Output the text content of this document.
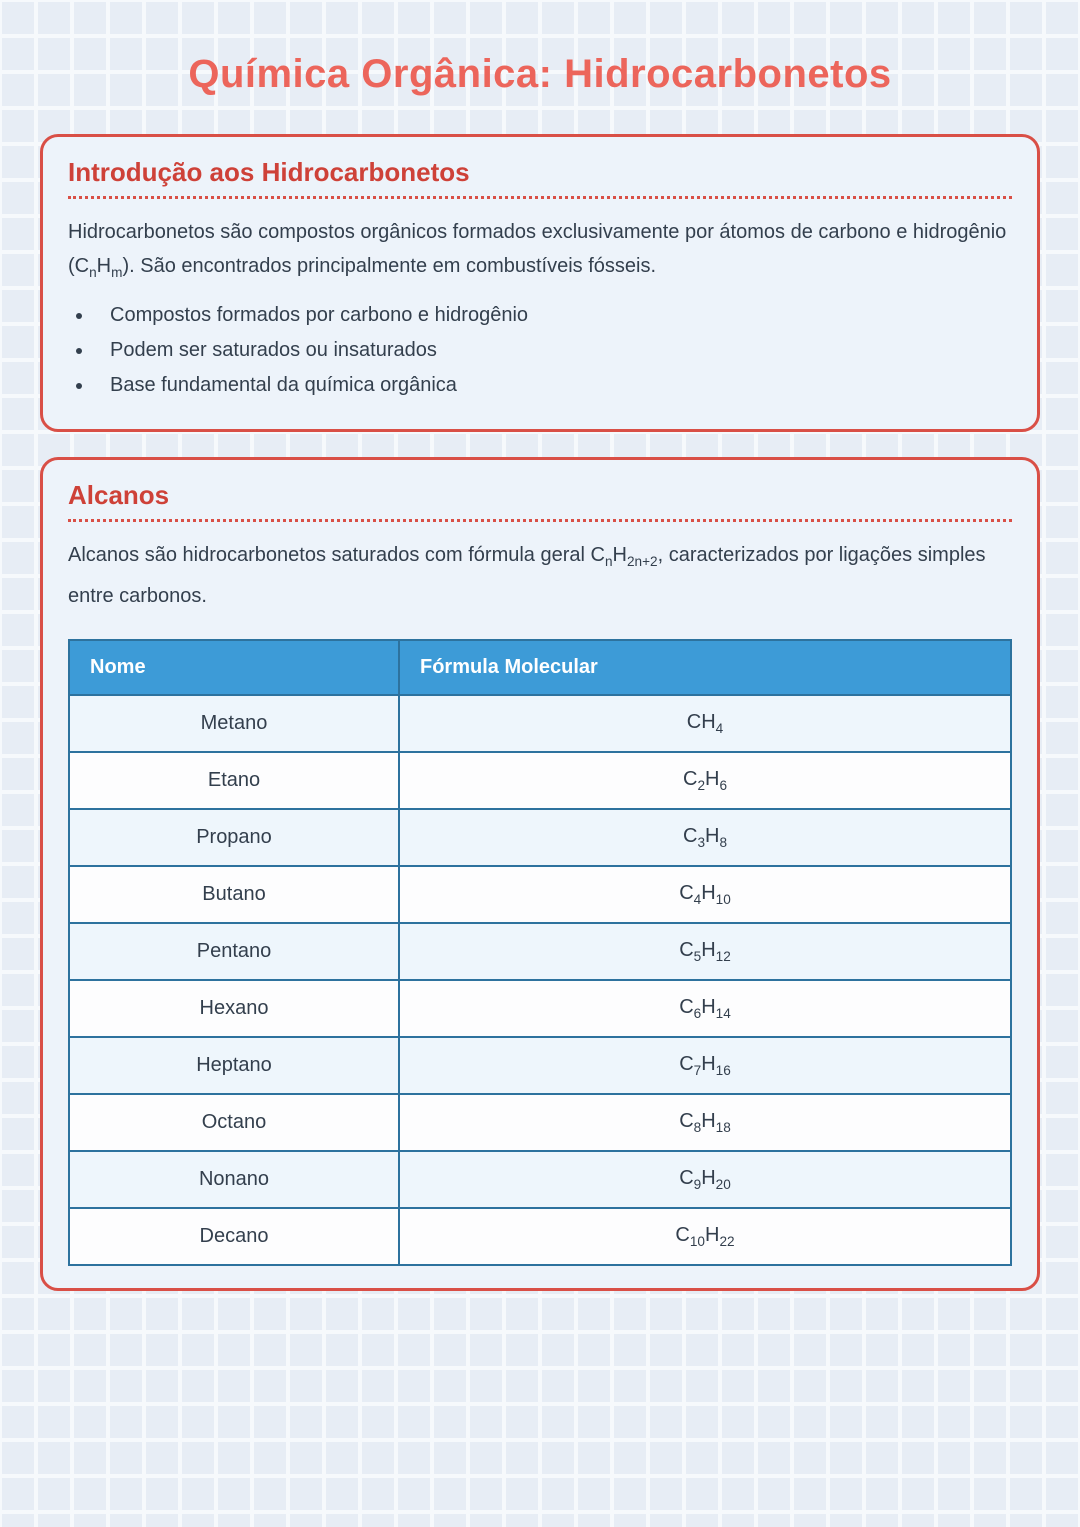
Química Orgânica: Hidrocarbonetos
Introdução aos Hidrocarbonetos

Hidrocarbonetos são compostos orgânicos formados exclusivamente por átomos de carbono e hidrogênio $(C_nH_m)$. São encontrados principalmente em combustíveis fósseis.

• Compostos formados por carbono e hidrogênio
• Podem ser saturados ou insaturados
• Base fundamental da química orgânica
Alcanos

Alcanos são hidrocarbonetos saturados com fórmula geral $C_nH_{2n+2}$, caracterizados por ligações simples entre carbonos.

Nome	Fórmula Molecular
Metano	$CH_4$
Etano	$C_2H_6$
Propano	$C_3H_8$
Butano	$C_4H_{10}$
Pentano	$C_5H_{12}$
Hexano	$C_6H_{14}$
Heptano	$C_7H_{16}$
Octano	$C_8H_{18}$
Nonano	$C_9H_{20}$
Decano	$C_{10}H_{22}$
